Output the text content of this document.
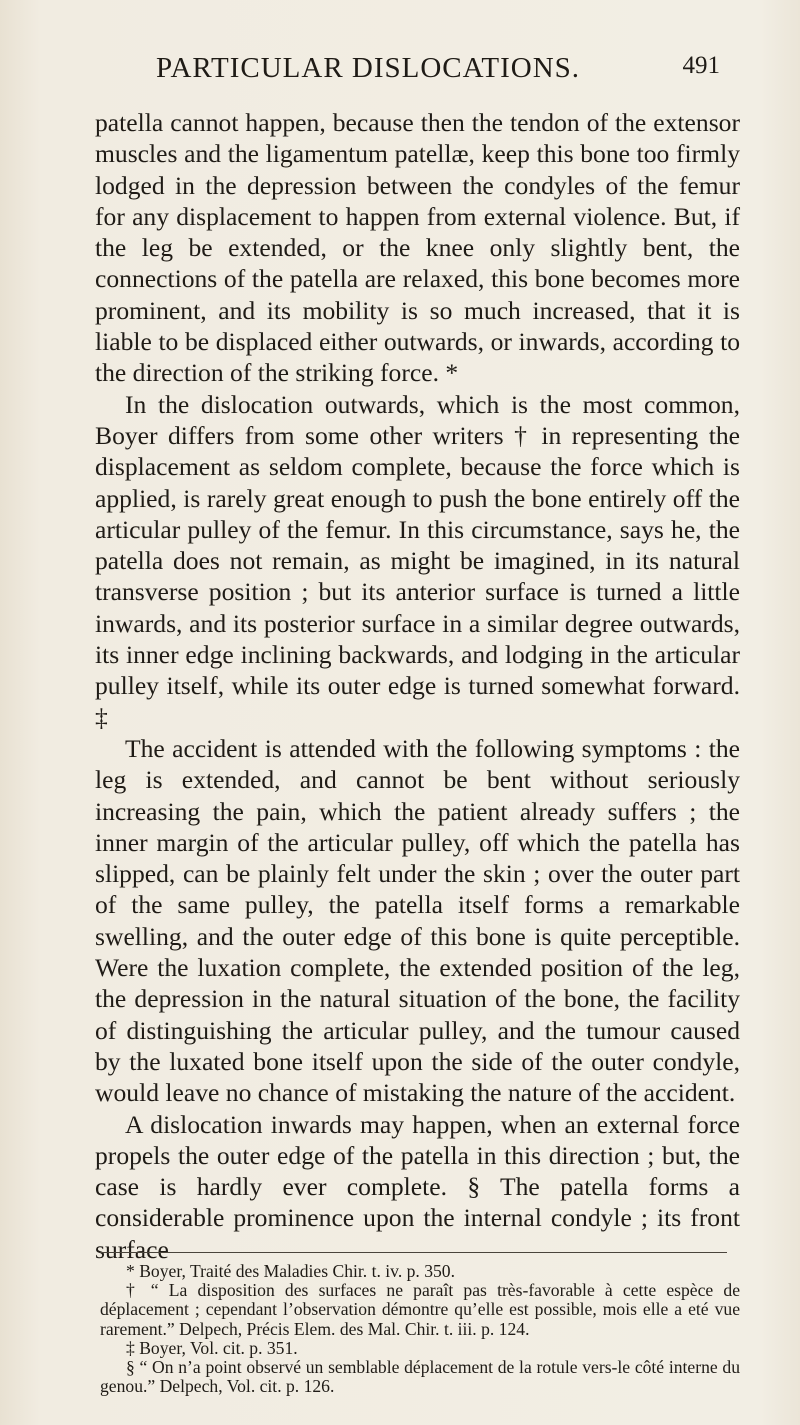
PARTICULAR DISLOCATIONS.	491

patella cannot happen, because then the tendon of the extensor muscles and the ligamentum patellæ, keep this bone too firmly lodged in the depression between the condyles of the femur for any displacement to happen from external violence. But, if the leg be extended, or the knee only slightly bent, the connections of the patella are relaxed, this bone becomes more prominent, and its mobility is so much increased, that it is liable to be displaced either outwards, or inwards, according to the direction of the striking force. *

In the dislocation outwards, which is the most common, Boyer differs from some other writers † in representing the displacement as seldom complete, because the force which is applied, is rarely great enough to push the bone entirely off the articular pulley of the femur. In this circumstance, says he, the patella does not remain, as might be imagined, in its natural transverse position ; but its anterior surface is turned a little inwards, and its posterior surface in a similar degree outwards, its inner edge inclining backwards, and lodging in the articular pulley itself, while its outer edge is turned somewhat forward. ‡

The accident is attended with the following symptoms : the leg is extended, and cannot be bent without seriously increasing the pain, which the patient already suffers ; the inner margin of the articular pulley, off which the patella has slipped, can be plainly felt under the skin ; over the outer part of the same pulley, the patella itself forms a remarkable swelling, and the outer edge of this bone is quite perceptible. Were the luxation complete, the extended position of the leg, the depression in the natural situation of the bone, the facility of distinguishing the articular pulley, and the tumour caused by the luxated bone itself upon the side of the outer condyle, would leave no chance of mistaking the nature of the accident.

A dislocation inwards may happen, when an external force propels the outer edge of the patella in this direction ; but, the case is hardly ever complete. § The patella forms a considerable prominence upon the internal condyle ; its front surface

* Boyer, Traité des Maladies Chir. t. iv. p. 350.

† “ La disposition des surfaces ne paraît pas très-favorable à cette espèce de déplacement ; cependant l’observation démontre qu’elle est possible, mois elle a eté vue rarement.” Delpech, Précis Elem. des Mal. Chir. t. iii. p. 124.

‡ Boyer, Vol. cit. p. 351.

§ “ On n’a point observé un semblable déplacement de la rotule vers-le côté interne du genou.” Delpech, Vol. cit. p. 126.
